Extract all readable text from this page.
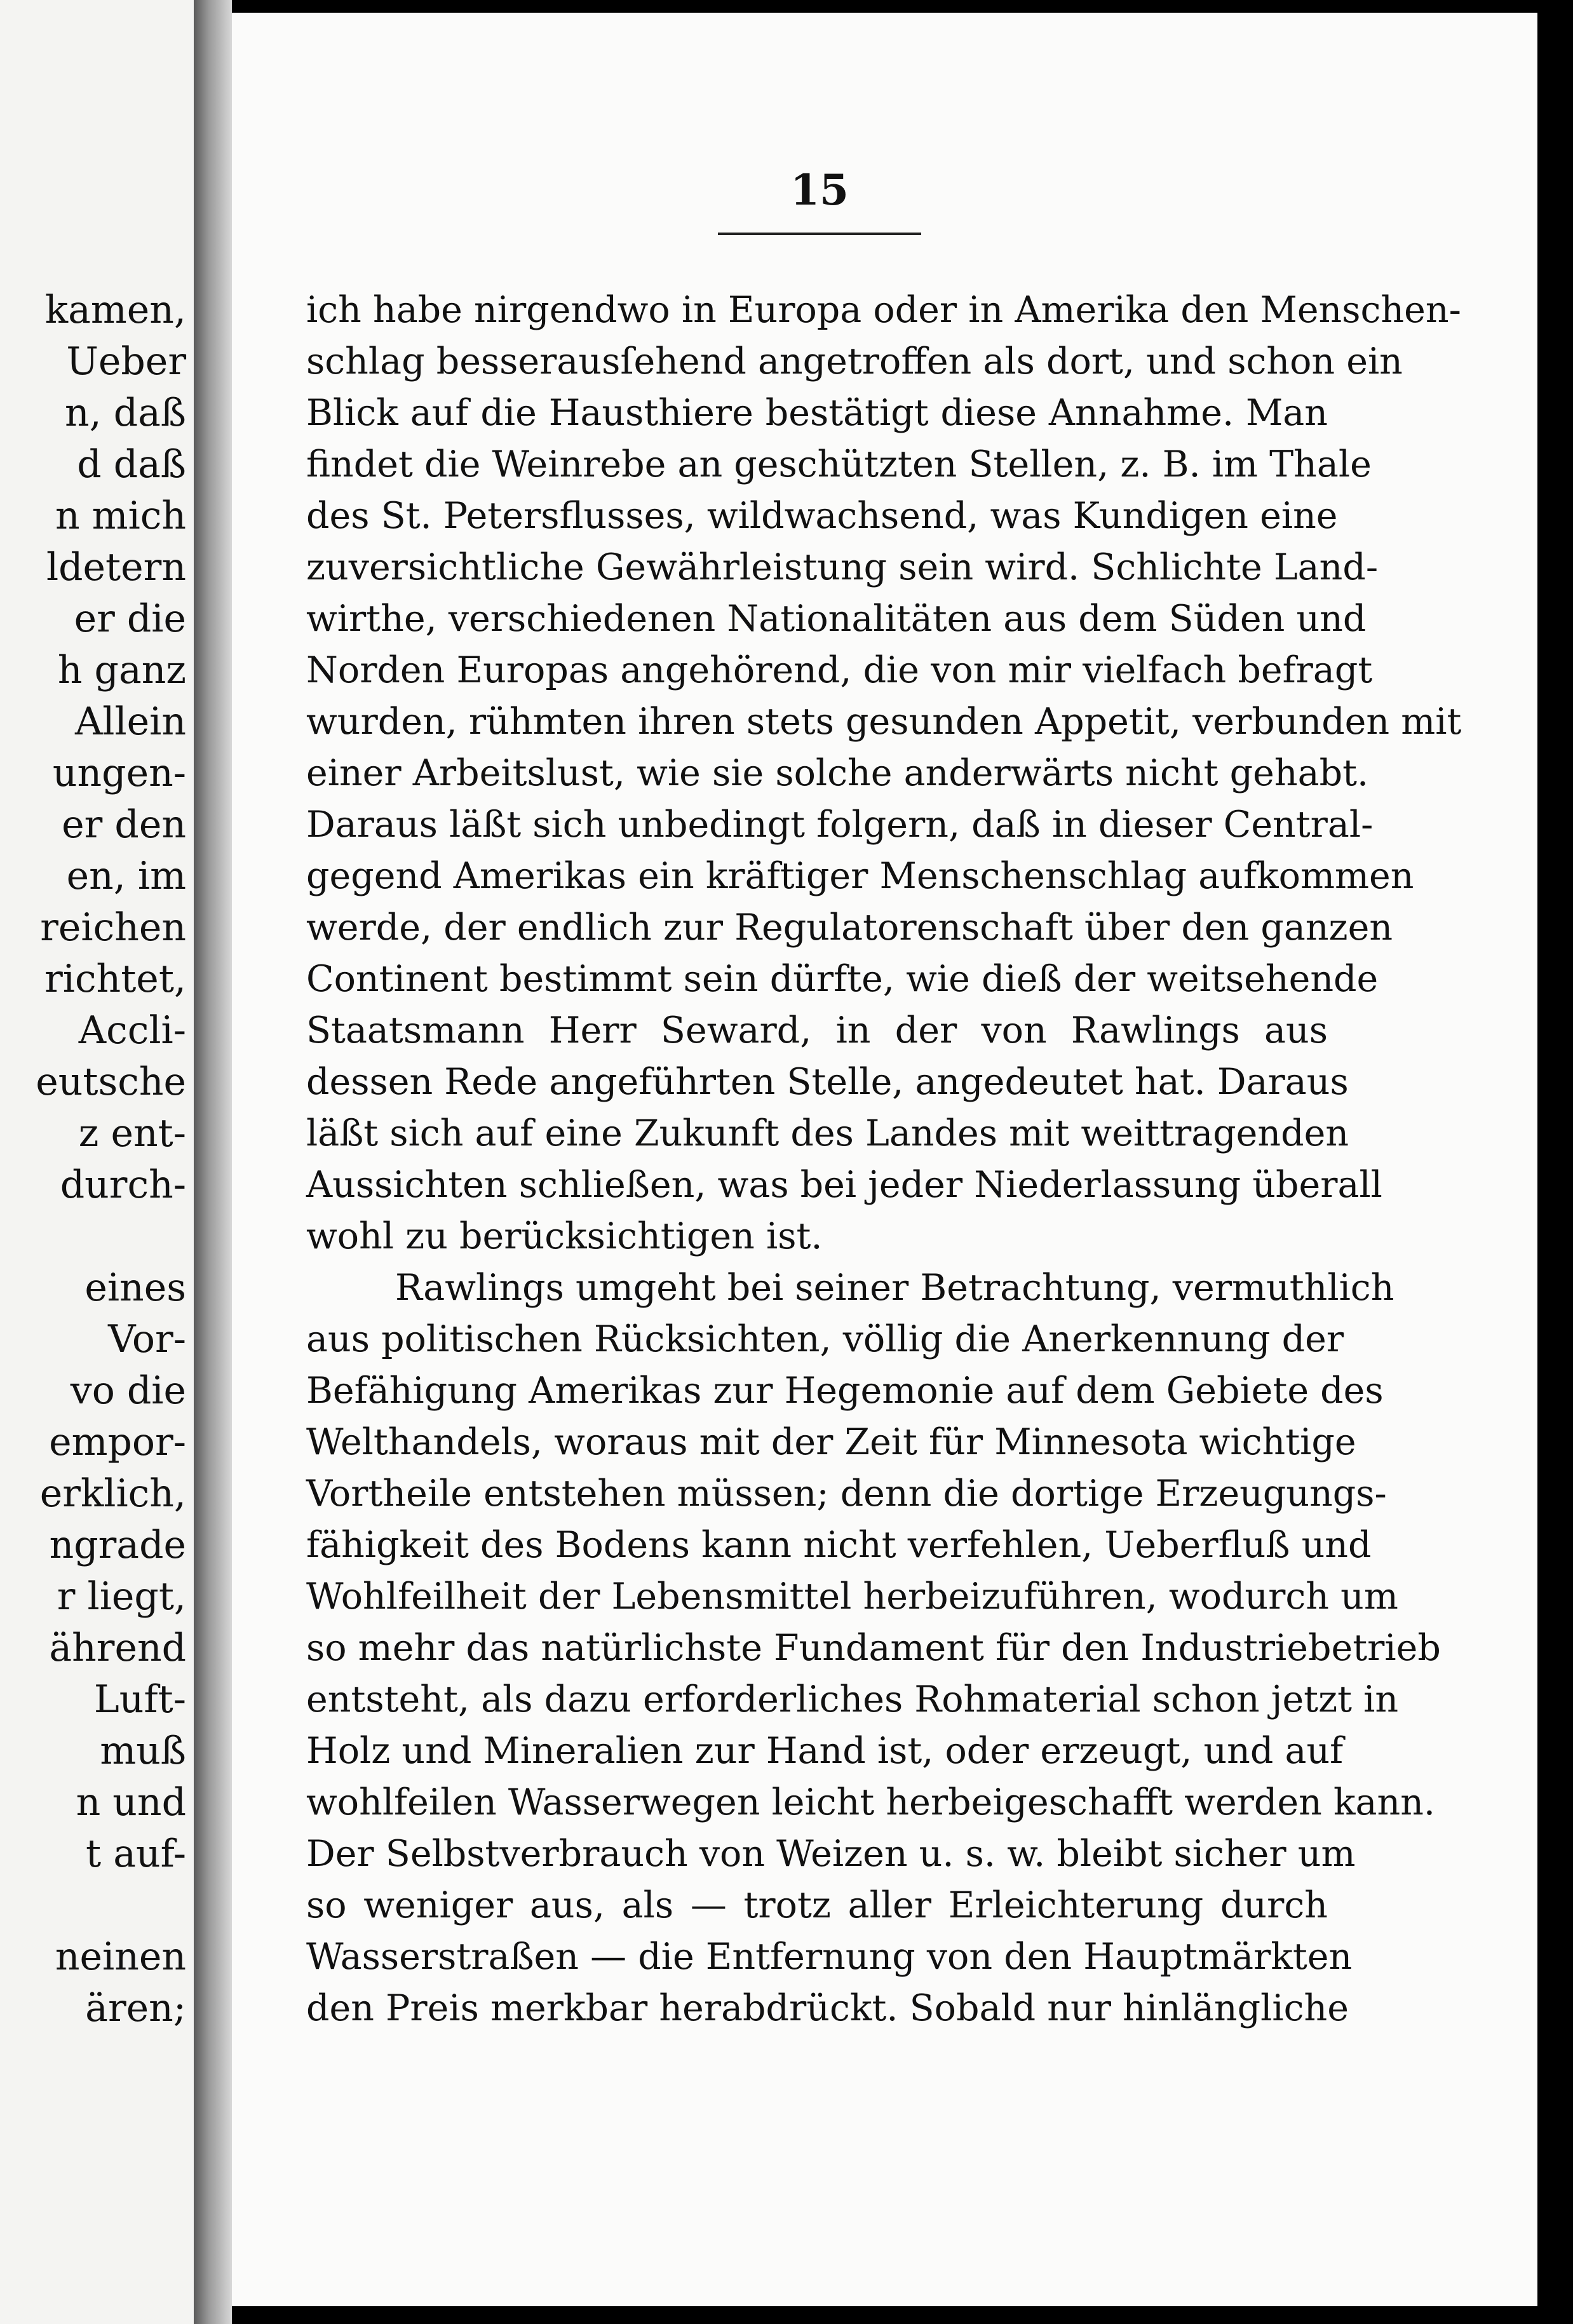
kamen,
Ueber
n, daß
d daß
n mich
ldetern
er die
h ganz
Allein
ungen-
er den
en, im
reichen
richtet,
Accli-
eutsche
z ent-
durch-

eines
Vor-
vo die
empor-
erklich,
ngrade
r liegt,
ährend
Luft-
muß
n und
t auf-

neinen
ären;
15
ich habe nirgendwo in Europa oder in Amerika den Menschen-
schlag besserausſehend angetroffen als dort, und schon ein
Blick auf die Hausthiere bestätigt diese Annahme. Man
findet die Weinrebe an geschützten Stellen, z. B. im Thale
des St. Petersflusses, wildwachsend, was Kundigen eine
zuversichtliche Gewährleistung sein wird. Schlichte Land-
wirthe, verschiedenen Nationalitäten aus dem Süden und
Norden Europas angehörend, die von mir vielfach befragt
wurden, rühmten ihren stets gesunden Appetit, verbunden mit
einer Arbeitslust, wie sie solche anderwärts nicht gehabt.
Daraus läßt sich unbedingt folgern, daß in dieser Central-
gegend Amerikas ein kräftiger Menschenschlag aufkommen
werde, der endlich zur Regulatorenschaft über den ganzen
Continent bestimmt sein dürfte, wie dieß der weitsehende
Staatsmann Herr Seward, in der von Rawlings aus
dessen Rede angeführten Stelle, angedeutet hat. Daraus
läßt sich auf eine Zukunft des Landes mit weittragenden
Aussichten schließen, was bei jeder Niederlassung überall
wohl zu berücksichtigen ist.
Rawlings umgeht bei seiner Betrachtung, vermuthlich
aus politischen Rücksichten, völlig die Anerkennung der
Befähigung Amerikas zur Hegemonie auf dem Gebiete des
Welthandels, woraus mit der Zeit für Minnesota wichtige
Vortheile entstehen müssen; denn die dortige Erzeugungs-
fähigkeit des Bodens kann nicht verfehlen, Ueberfluß und
Wohlfeilheit der Lebensmittel herbeizuführen, wodurch um
so mehr das natürlichste Fundament für den Industriebetrieb
entsteht, als dazu erforderliches Rohmaterial schon jetzt in
Holz und Mineralien zur Hand ist, oder erzeugt, und auf
wohlfeilen Wasserwegen leicht herbeigeschafft werden kann.
Der Selbstverbrauch von Weizen u. s. w. bleibt sicher um
so weniger aus, als — trotz aller Erleichterung durch
Wasserstraßen — die Entfernung von den Hauptmärkten
den Preis merkbar herabdrückt. Sobald nur hinlängliche
